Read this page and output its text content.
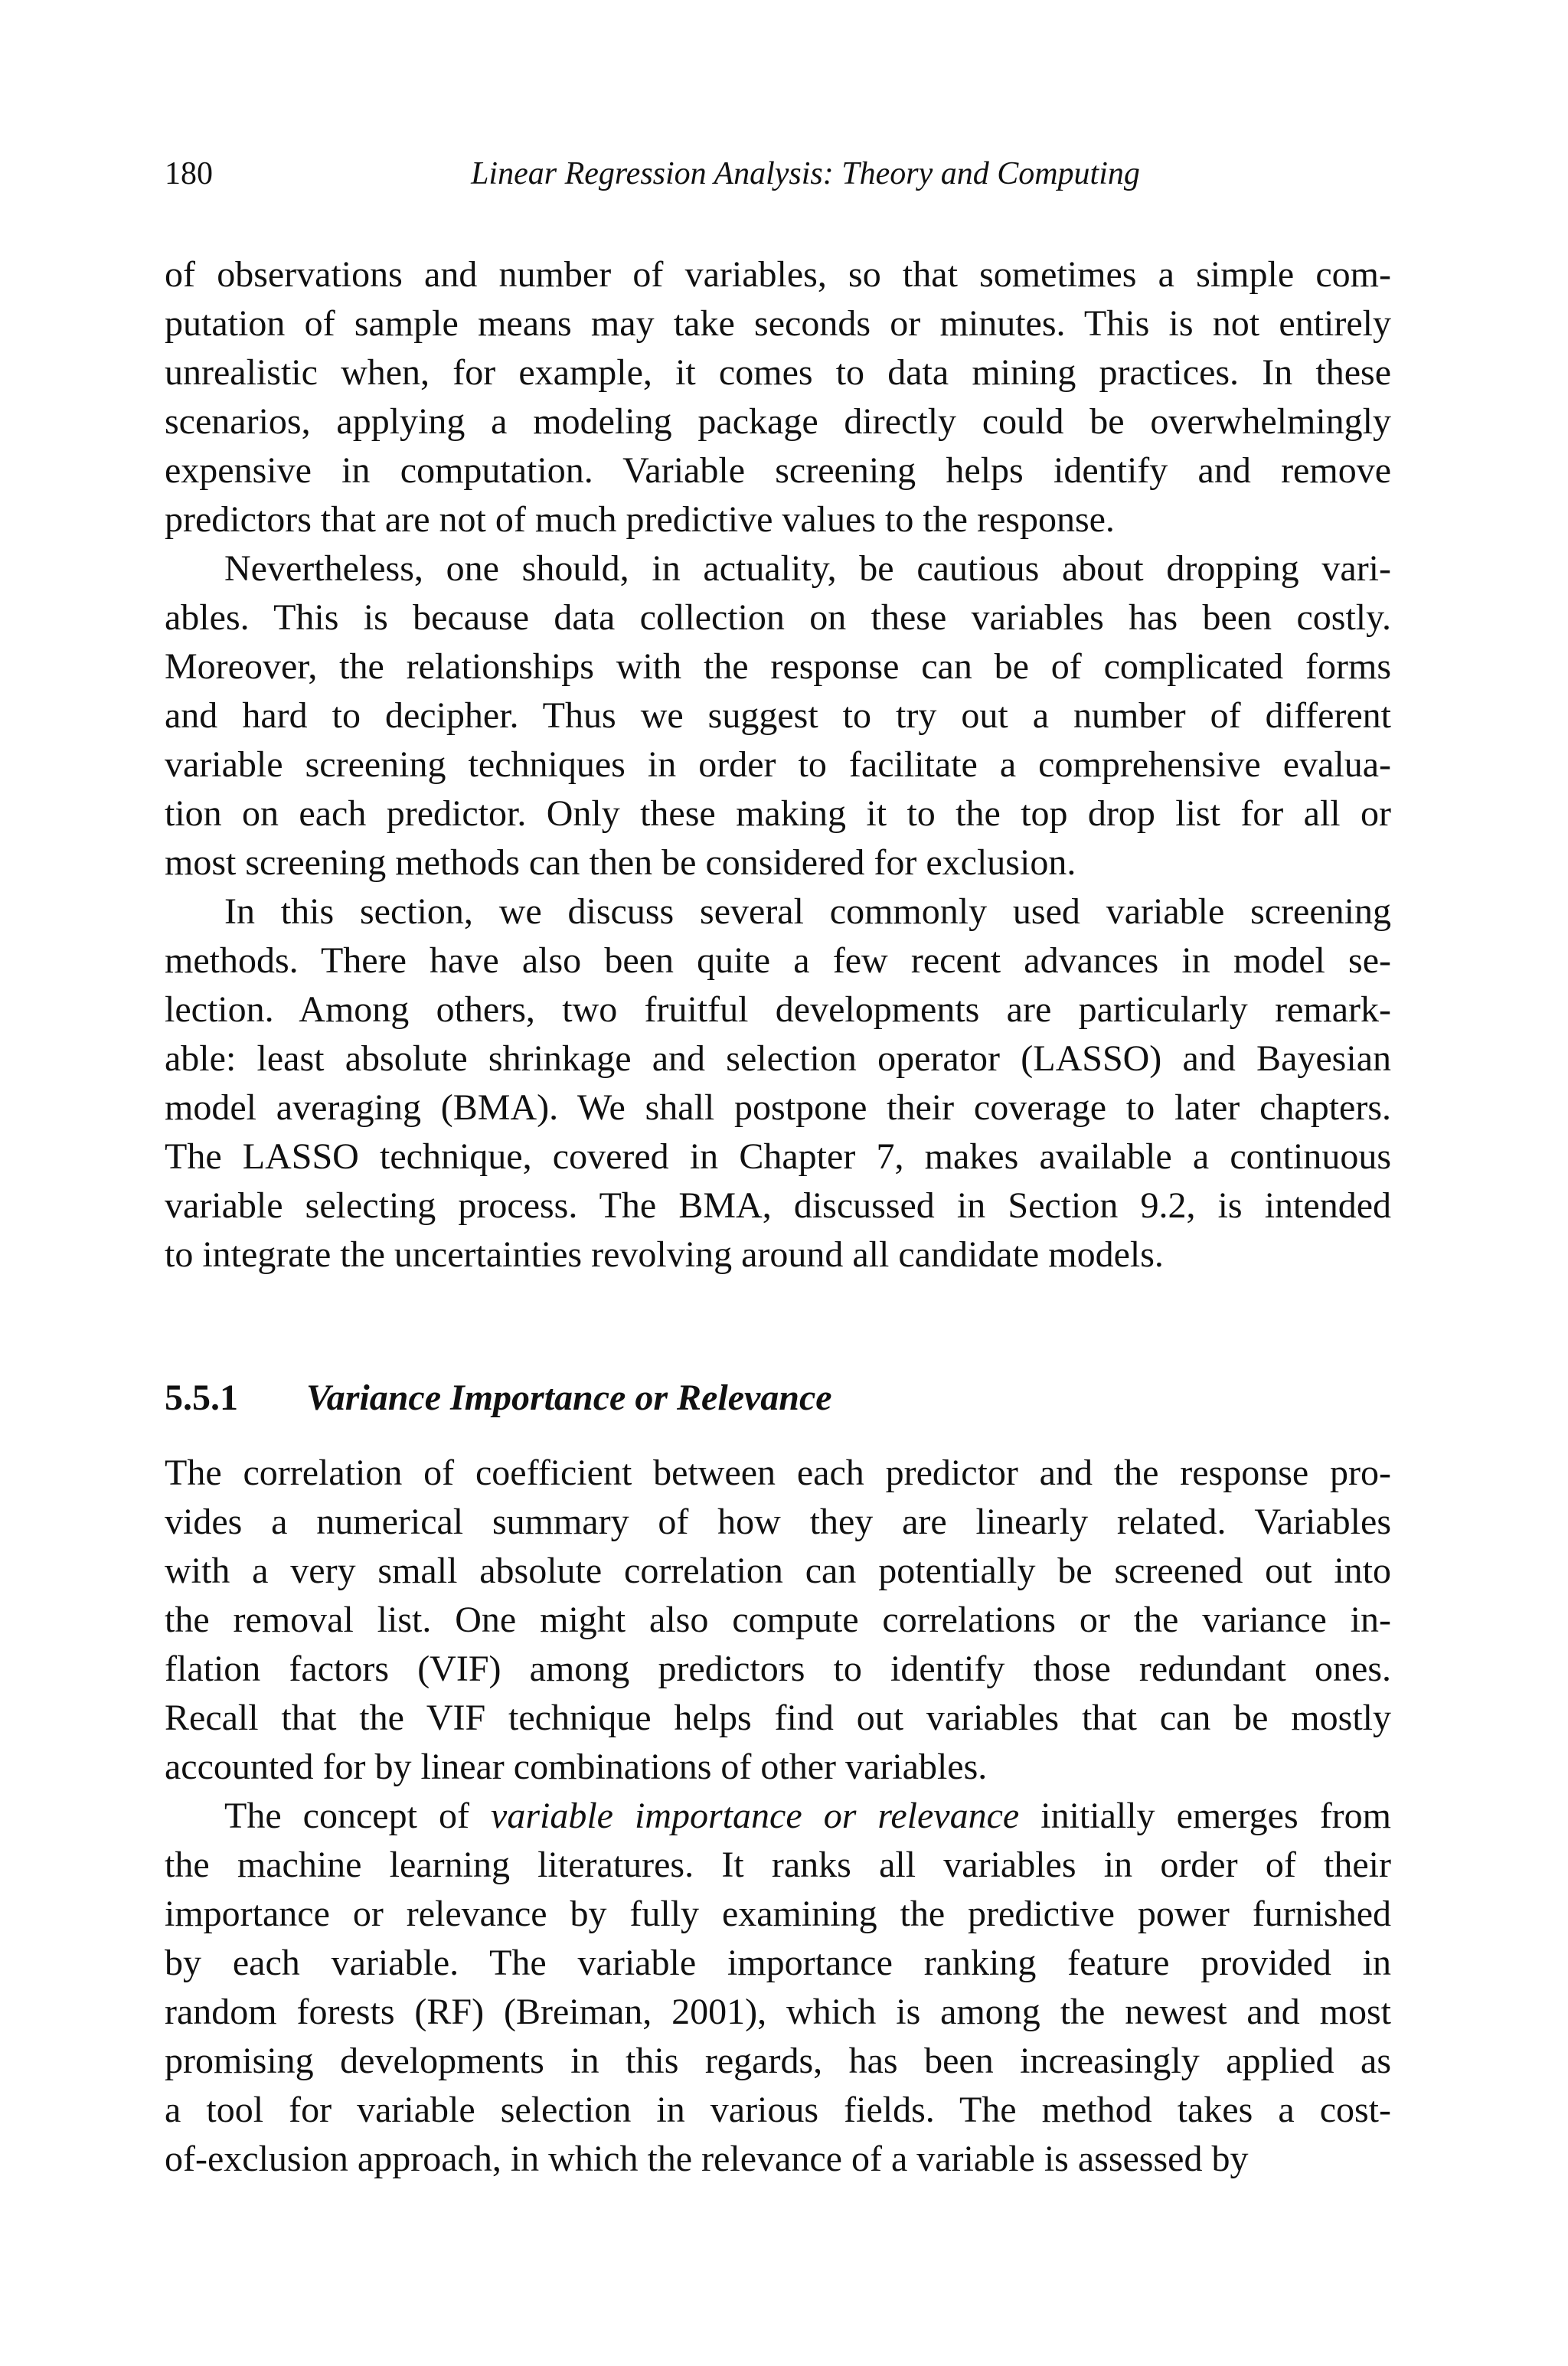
180	Linear Regression Analysis: Theory and Computing
of observations and number of variables, so that sometimes a simple com-
putation of sample means may take seconds or minutes. This is not entirely
unrealistic when, for example, it comes to data mining practices. In these
scenarios, applying a modeling package directly could be overwhelmingly
expensive in computation. Variable screening helps identify and remove
predictors that are not of much predictive values to the response.
Nevertheless, one should, in actuality, be cautious about dropping vari-
ables. This is because data collection on these variables has been costly.
Moreover, the relationships with the response can be of complicated forms
and hard to decipher. Thus we suggest to try out a number of different
variable screening techniques in order to facilitate a comprehensive evalua-
tion on each predictor. Only these making it to the top drop list for all or
most screening methods can then be considered for exclusion.
In this section, we discuss several commonly used variable screening
methods. There have also been quite a few recent advances in model se-
lection. Among others, two fruitful developments are particularly remark-
able: least absolute shrinkage and selection operator (LASSO) and Bayesian
model averaging (BMA). We shall postpone their coverage to later chapters.
The LASSO technique, covered in Chapter 7, makes available a continuous
variable selecting process. The BMA, discussed in Section 9.2, is intended
to integrate the uncertainties revolving around all candidate models.
5.5.1 Variance Importance or Relevance
The correlation of coefficient between each predictor and the response pro-
vides a numerical summary of how they are linearly related. Variables
with a very small absolute correlation can potentially be screened out into
the removal list. One might also compute correlations or the variance in-
flation factors (VIF) among predictors to identify those redundant ones.
Recall that the VIF technique helps find out variables that can be mostly
accounted for by linear combinations of other variables.
The concept of variable importance or relevance initially emerges from
the machine learning literatures. It ranks all variables in order of their
importance or relevance by fully examining the predictive power furnished
by each variable. The variable importance ranking feature provided in
random forests (RF) (Breiman, 2001), which is among the newest and most
promising developments in this regards, has been increasingly applied as
a tool for variable selection in various fields. The method takes a cost-
of-exclusion approach, in which the relevance of a variable is assessed by
